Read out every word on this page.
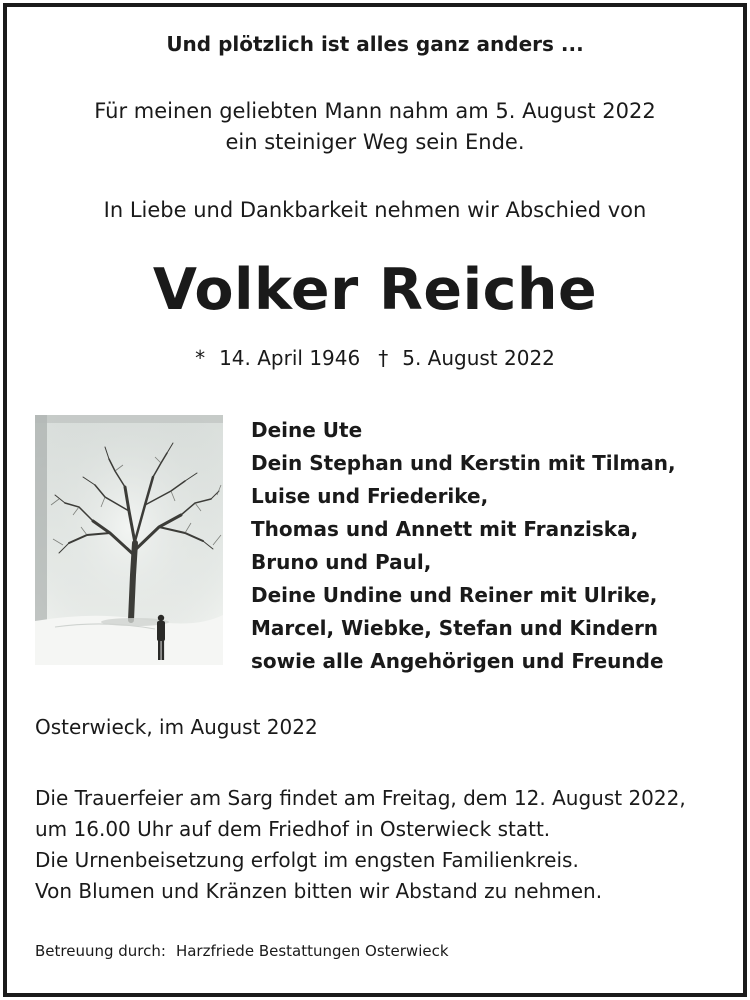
Und plötzlich ist alles ganz anders ...
Für meinen geliebten Mann nahm am 5. August 2022
ein steiniger Weg sein Ende.
In Liebe und Dankbarkeit nehmen wir Abschied von
Volker Reiche
* 14. April 1946 † 5. August 2022
Deine Ute
Dein Stephan und Kerstin mit Tilman,
Luise und Friederike,
Thomas und Annett mit Franziska,
Bruno und Paul,
Deine Undine und Reiner mit Ulrike,
Marcel, Wiebke, Stefan und Kindern
sowie alle Angehörigen und Freunde
Osterwieck, im August 2022
Die Trauerfeier am Sarg findet am Freitag, dem 12. August 2022,
um 16.00 Uhr auf dem Friedhof in Osterwieck statt.
Die Urnenbeisetzung erfolgt im engsten Familienkreis.
Von Blumen und Kränzen bitten wir Abstand zu nehmen.
Betreuung durch: Harzfriede Bestattungen Osterwieck
